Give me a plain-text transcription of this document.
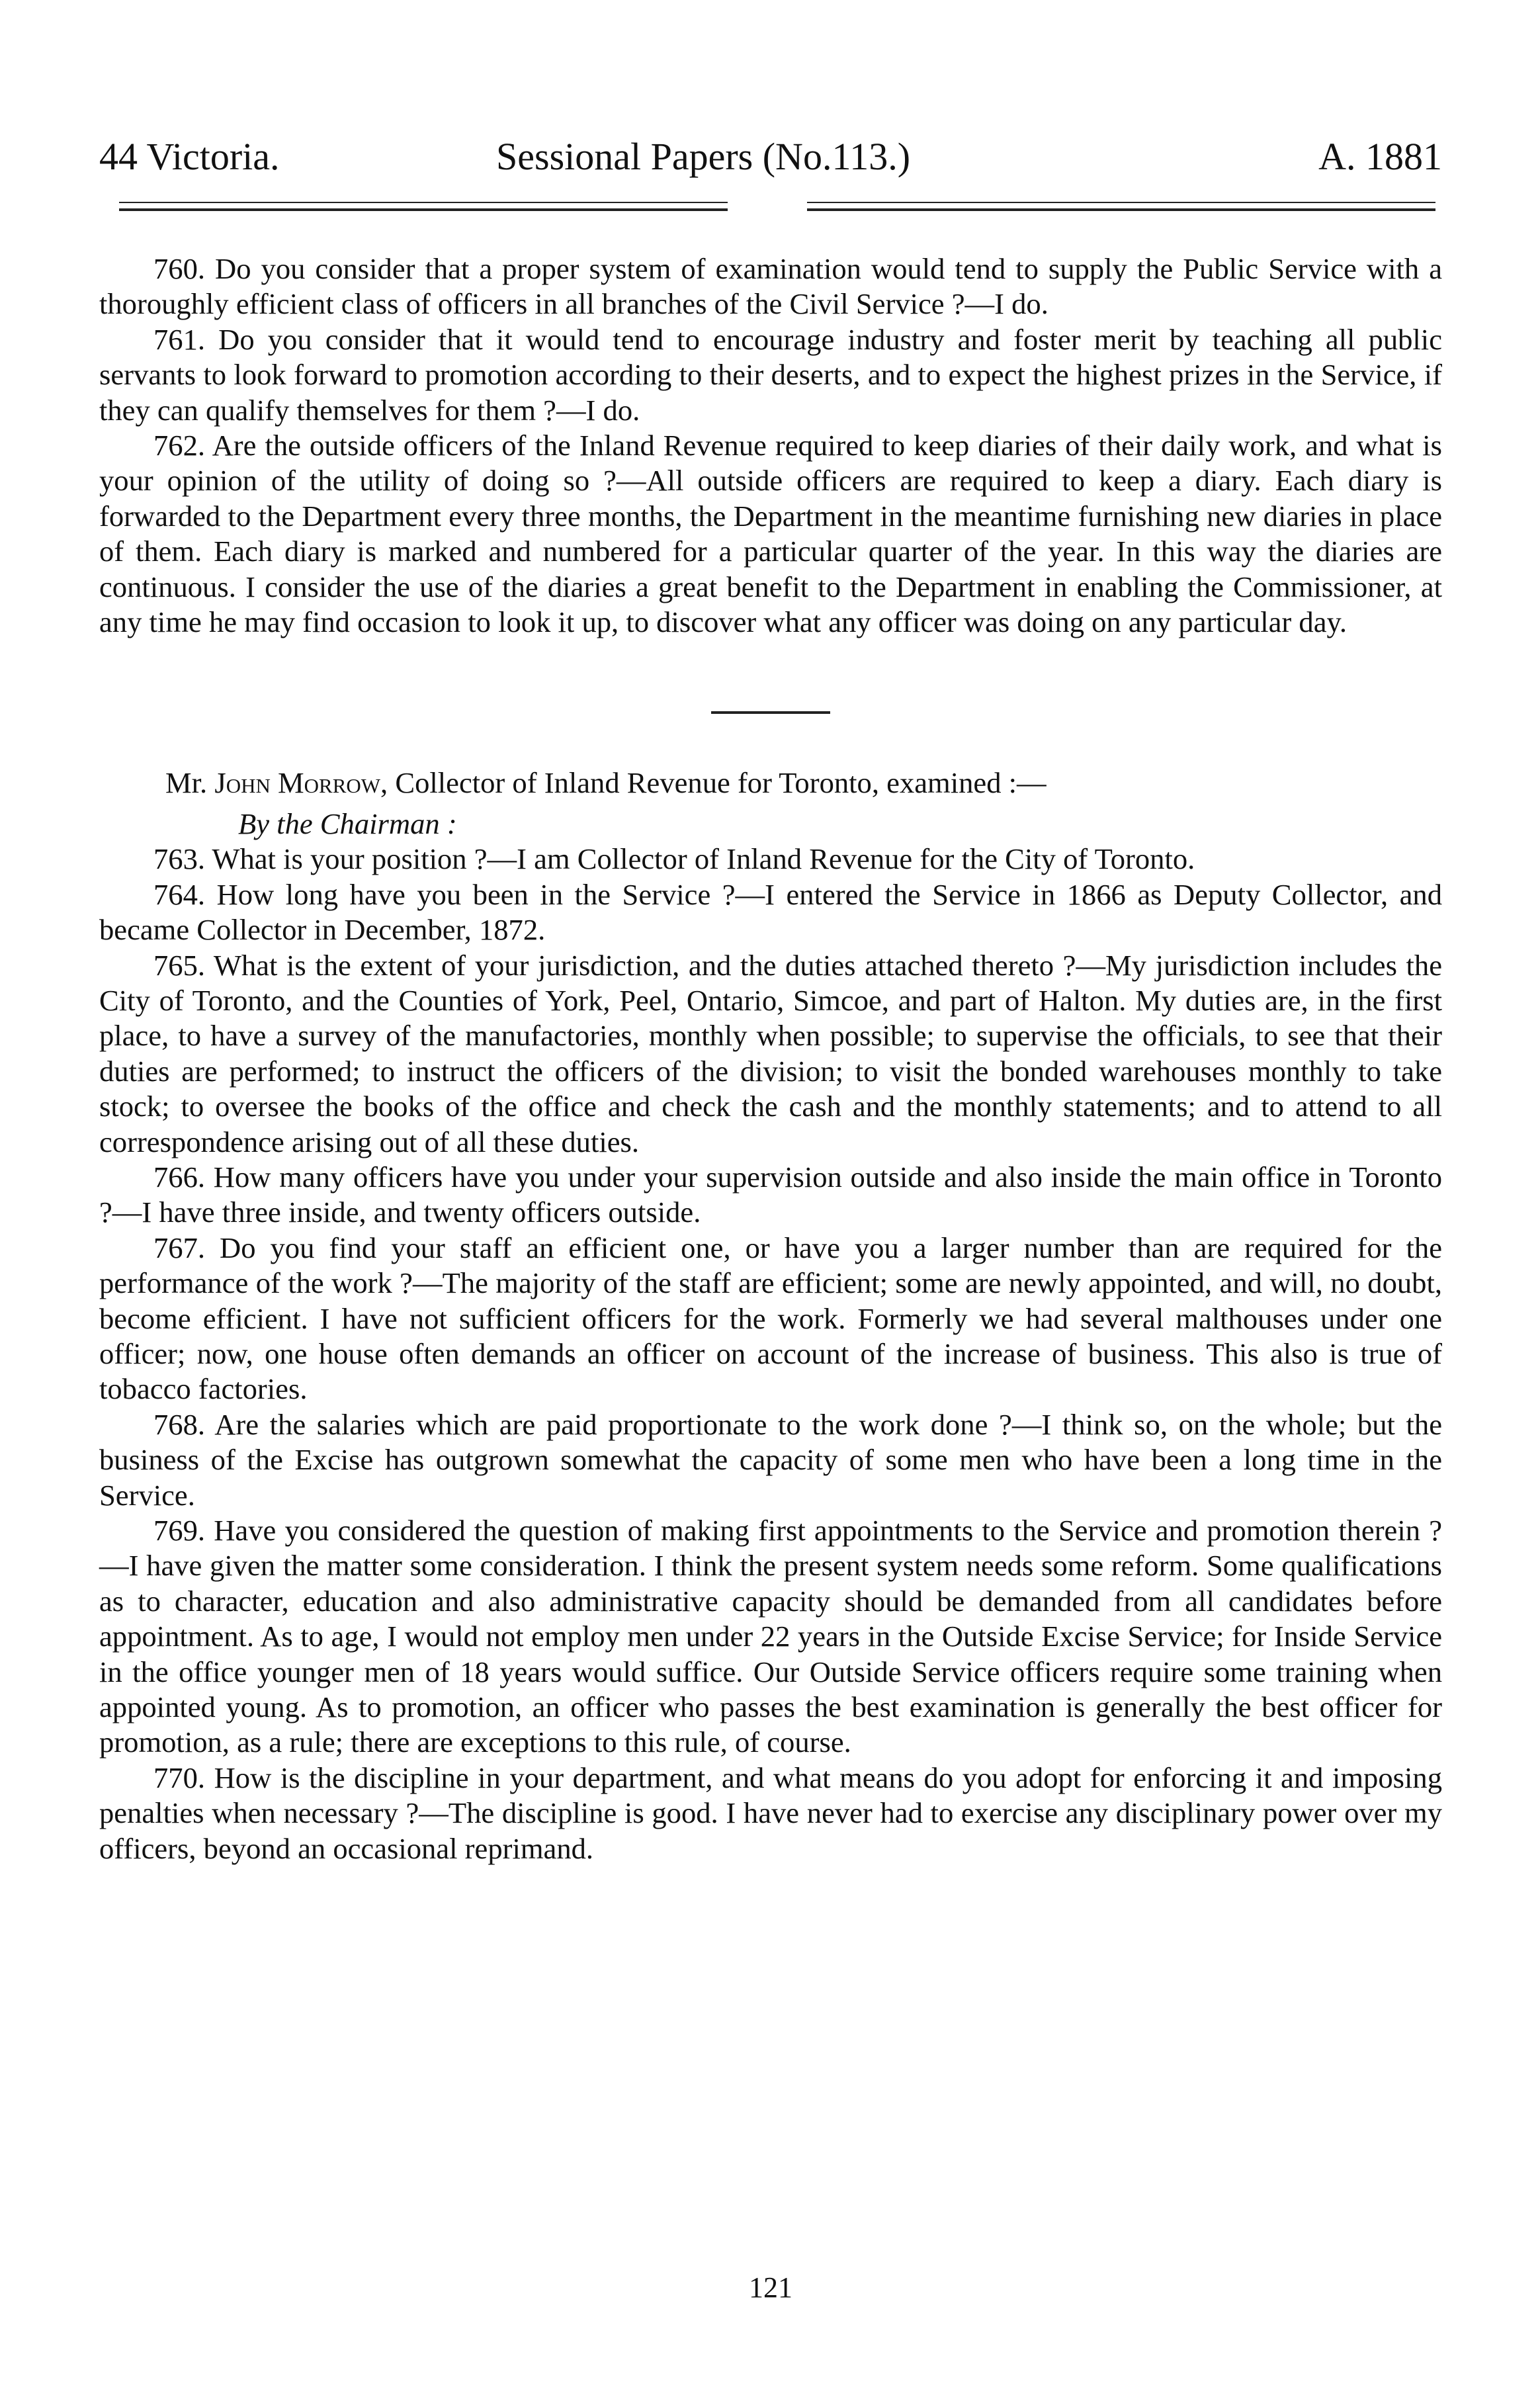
44 Victoria.	Sessional Papers (No.113.)	A. 1881

760. Do you consider that a proper system of examination would tend to supply the Public Service with a thoroughly efficient class of officers in all branches of the Civil Service ?—I do.

761. Do you consider that it would tend to encourage industry and foster merit by teaching all public servants to look forward to promotion according to their deserts, and to expect the highest prizes in the Service, if they can qualify themselves for them ?—I do.

762. Are the outside officers of the Inland Revenue required to keep diaries of their daily work, and what is your opinion of the utility of doing so ?—All outside officers are required to keep a diary. Each diary is forwarded to the Department every three months, the Department in the meantime furnishing new diaries in place of them. Each diary is marked and numbered for a particular quarter of the year. In this way the diaries are continuous. I consider the use of the diaries a great benefit to the Department in enabling the Commissioner, at any time he may find occasion to look it up, to discover what any officer was doing on any particular day.

Mr. John Morrow, Collector of Inland Revenue for Toronto, examined :—

By the Chairman :

763. What is your position ?—I am Collector of Inland Revenue for the City of Toronto.

764. How long have you been in the Service ?—I entered the Service in 1866 as Deputy Collector, and became Collector in December, 1872.

765. What is the extent of your jurisdiction, and the duties attached thereto ?—My jurisdiction includes the City of Toronto, and the Counties of York, Peel, Ontario, Simcoe, and part of Halton. My duties are, in the first place, to have a survey of the manufactories, monthly when possible; to supervise the officials, to see that their duties are performed; to instruct the officers of the division; to visit the bonded warehouses monthly to take stock; to oversee the books of the office and check the cash and the monthly statements; and to attend to all correspondence arising out of all these duties.

766. How many officers have you under your supervision outside and also inside the main office in Toronto ?—I have three inside, and twenty officers outside.

767. Do you find your staff an efficient one, or have you a larger number than are required for the performance of the work ?—The majority of the staff are efficient; some are newly appointed, and will, no doubt, become efficient. I have not sufficient officers for the work. Formerly we had several malthouses under one officer; now, one house often demands an officer on account of the increase of business. This also is true of tobacco factories.

768. Are the salaries which are paid proportionate to the work done ?—I think so, on the whole; but the business of the Excise has outgrown somewhat the capacity of some men who have been a long time in the Service.

769. Have you considered the question of making first appointments to the Service and promotion therein ?—I have given the matter some consideration. I think the present system needs some reform. Some qualifications as to character, education and also administrative capacity should be demanded from all candidates before appointment. As to age, I would not employ men under 22 years in the Outside Excise Service; for Inside Service in the office younger men of 18 years would suffice. Our Outside Service officers require some training when appointed young. As to promotion, an officer who passes the best examination is generally the best officer for promotion, as a rule; there are exceptions to this rule, of course.

770. How is the discipline in your department, and what means do you adopt for enforcing it and imposing penalties when necessary ?—The discipline is good. I have never had to exercise any disciplinary power over my officers, beyond an occasional reprimand.

121
